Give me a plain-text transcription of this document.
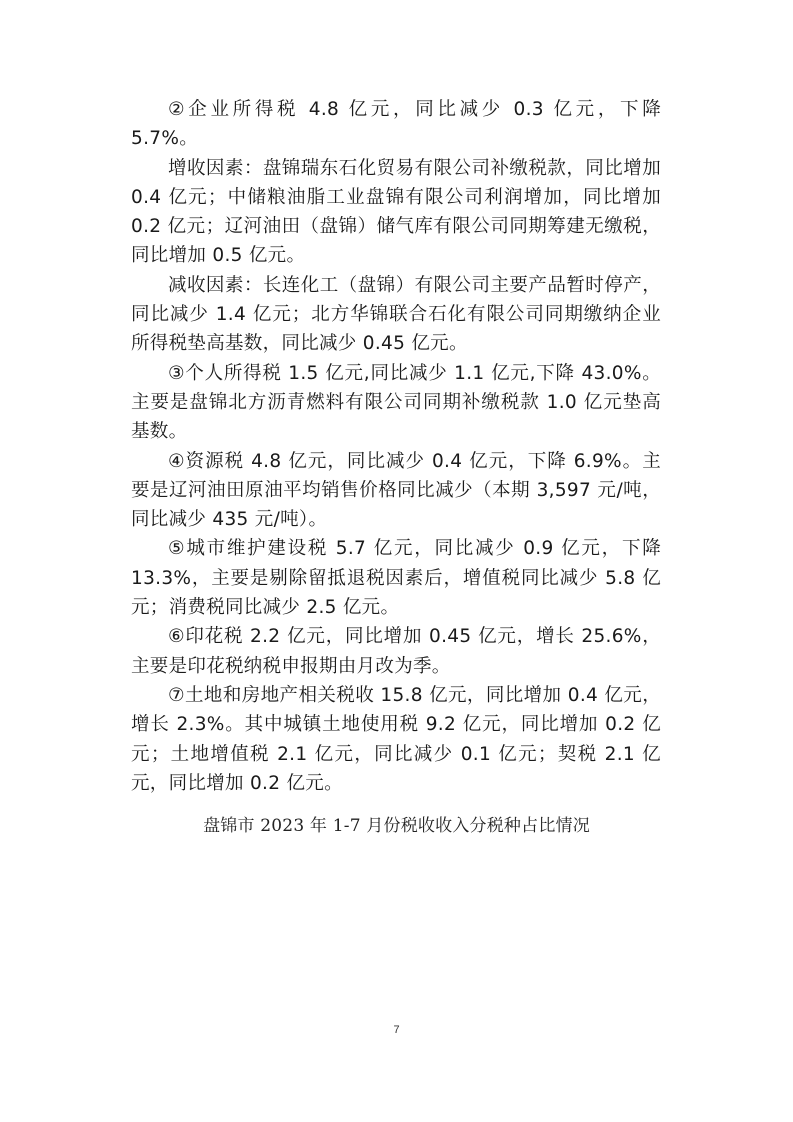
②企业所得税 4.8 亿元，同比减少 0.3 亿元，下降 5.7%。

增收因素：盘锦瑞东石化贸易有限公司补缴税款，同比增加 0.4 亿元；中储粮油脂工业盘锦有限公司利润增加，同比增加 0.2 亿元；辽河油田（盘锦）储气库有限公司同期筹建无缴税，同比增加 0.5 亿元。

减收因素：长连化工（盘锦）有限公司主要产品暂时停产，同比减少 1.4 亿元；北方华锦联合石化有限公司同期缴纳企业所得税垫高基数，同比减少 0.45 亿元。

③个人所得税 1.5 亿元,同比减少 1.1 亿元,下降 43.0%。主要是盘锦北方沥青燃料有限公司同期补缴税款 1.0 亿元垫高基数。

④资源税 4.8 亿元，同比减少 0.4 亿元，下降 6.9%。主要是辽河油田原油平均销售价格同比减少（本期 3,597 元/吨，同比减少 435 元/吨）。

⑤城市维护建设税 5.7 亿元，同比减少 0.9 亿元，下降 13.3%，主要是剔除留抵退税因素后，增值税同比减少 5.8 亿元；消费税同比减少 2.5 亿元。

⑥印花税 2.2 亿元，同比增加 0.45 亿元，增长 25.6%，主要是印花税纳税申报期由月改为季。

⑦土地和房地产相关税收 15.8 亿元，同比增加 0.4 亿元，增长 2.3%。其中城镇土地使用税 9.2 亿元，同比增加 0.2 亿元；土地增值税 2.1 亿元，同比减少 0.1 亿元；契税 2.1 亿元，同比增加 0.2 亿元。

盘锦市 2023 年 1-7 月份税收收入分税种占比情况
7
